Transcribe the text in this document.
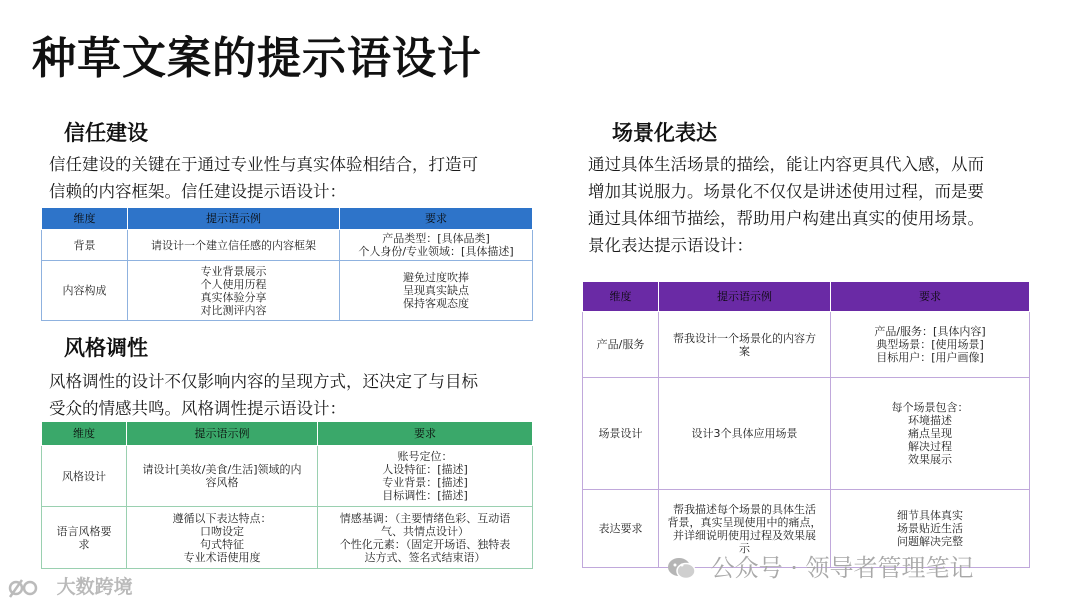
种草文案的提示语设计
信任建设
信任建设的关键在于通过专业性与真实体验相结合，打造可
信赖的内容框架。信任建设提示语设计：
维度	提示语示例	要求
背景	请设计一个建立信任感的内容框架	产品类型：[具体品类]
个人身份/专业领域：[具体描述]

内容构成	专业背景展示
个人使用历程
真实体验分享
对比测评内容	避免过度吹捧
呈现真实缺点
保持客观态度
风格调性
风格调性的设计不仅影响内容的呈现方式，还决定了与目标
受众的情感共鸣。风格调性提示语设计：
维度	提示语示例	要求

风格设计	请设计[美妆/美食/生活]领域的内
容风格	账号定位：
人设特征：[描述]
专业背景：[描述]
目标调性：[描述]

语言风格要
求	遵循以下表达特点：
口吻设定
句式特征
专业术语使用度	情感基调：（主要情绪色彩、互动语
气、共情点设计）
个性化元素：（固定开场语、独特表
达方式、签名式结束语）
场景化表达
通过具体生活场景的描绘，能让内容更具代入感，从而
增加其说服力。场景化不仅仅是讲述使用过程，而是要
通过具体细节描绘，帮助用户构建出真实的使用场景。
景化表达提示语设计：
维度	提示语示例	要求
产品/服务	帮我设计一个场景化的内容方
案	产品/服务：[具体内容]
典型场景：[使用场景]
目标用户：[用户画像]

场景设计	设计3个具体应用场景	每个场景包含：
环境描述
痛点呈现
解决过程
效果展示

表达要求	帮我描述每个场景的具体生活
背景，真实呈现使用中的痛点，
并详细说明使用过程及效果展
示	细节具体真实
场景贴近生活
问题解决完整
大数跨境
公众号 · 领导者管理笔记
